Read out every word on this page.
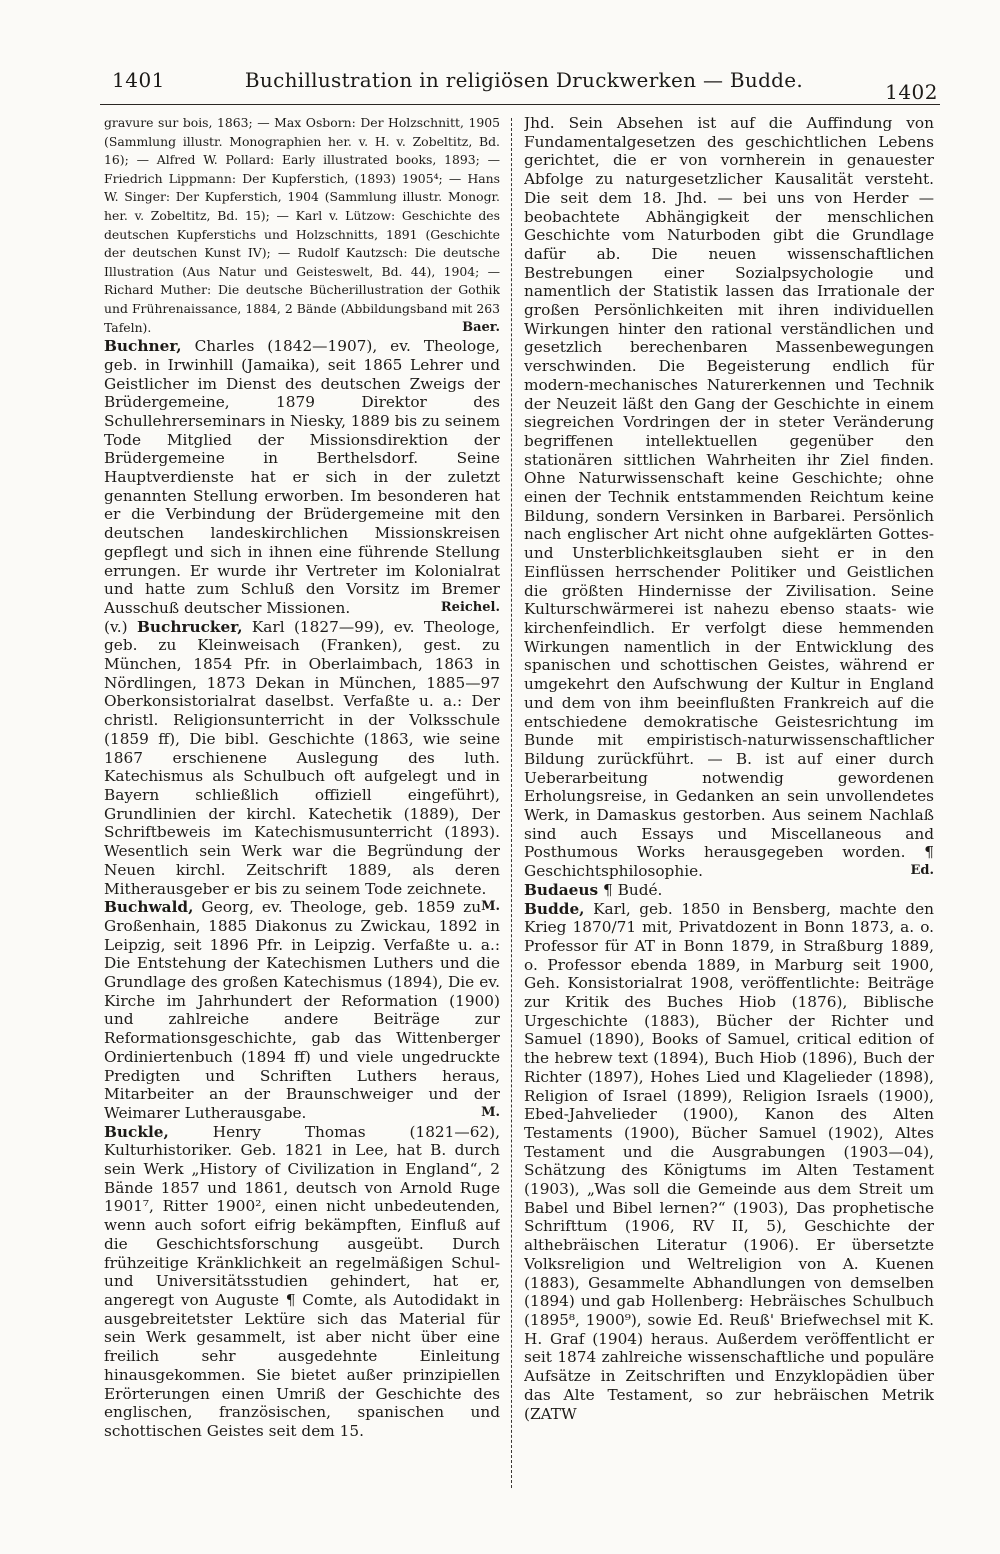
1401	Buchillustration in religiösen Druckwerken — Budde.	1402

gravure sur bois, 1863; — Max Osborn: Der Holzschnitt, 1905 (Sammlung illustr. Monographien her. v. H. v. Zobeltitz, Bd. 16); — Alfred W. Pollard: Early illustrated books, 1893; — Friedrich Lippmann: Der Kupferstich, (1893) 1905⁴; — Hans W. Singer: Der Kupferstich, 1904 (Sammlung illustr. Monogr. her. v. Zobeltitz, Bd. 15); — Karl v. Lützow: Geschichte des deutschen Kupferstichs und Holzschnitts, 1891 (Geschichte der deutschen Kunst IV); — Rudolf Kautzsch: Die deutsche Illustration (Aus Natur und Geisteswelt, Bd. 44), 1904; — Richard Muther: Die deutsche Bücherillustration der Gothik und Frührenaissance, 1884, 2 Bände (Abbildungsband mit 263 Tafeln).	Baer.

Buchner, Charles (1842—1907), ev. Theologe, geb. in Irwinhill (Jamaika), seit 1865 Lehrer und Geistlicher im Dienst des deutschen Zweigs der Brüdergemeine, 1879 Direktor des Schullehrerseminars in Niesky, 1889 bis zu seinem Tode Mitglied der Missionsdirektion der Brüdergemeine in Berthelsdorf. Seine Hauptverdienste hat er sich in der zuletzt genannten Stellung erworben. Im besonderen hat er die Verbindung der Brüdergemeine mit den deutschen landeskirchlichen Missionskreisen gepflegt und sich in ihnen eine führende Stellung errungen. Er wurde ihr Vertreter im Kolonialrat und hatte zum Schluß den Vorsitz im Bremer Ausschuß deutscher Missionen.	Reichel.

(v.) Buchrucker, Karl (1827—99), ev. Theologe, geb. zu Kleinweisach (Franken), gest. zu München, 1854 Pfr. in Oberlaimbach, 1863 in Nördlingen, 1873 Dekan in München, 1885—97 Oberkonsistorialrat daselbst. Verfaßte u. a.: Der christl. Religionsunterricht in der Volksschule (1859 ff), Die bibl. Geschichte (1863, wie seine 1867 erschienene Auslegung des luth. Katechismus als Schulbuch oft aufgelegt und in Bayern schließlich offiziell eingeführt), Grundlinien der kirchl. Katechetik (1889), Der Schriftbeweis im Katechismusunterricht (1893). Wesentlich sein Werk war die Begründung der Neuen kirchl. Zeitschrift 1889, als deren Mitherausgeber er bis zu seinem Tode zeichnete.
M.

Buchwald, Georg, ev. Theologe, geb. 1859 zu Großenhain, 1885 Diakonus zu Zwickau, 1892 in Leipzig, seit 1896 Pfr. in Leipzig. Verfaßte u. a.: Die Entstehung der Katechismen Luthers und die Grundlage des großen Katechismus (1894), Die ev. Kirche im Jahrhundert der Reformation (1900) und zahlreiche andere Beiträge zur Reformationsgeschichte, gab das Wittenberger Ordiniertenbuch (1894 ff) und viele ungedruckte Predigten und Schriften Luthers heraus, Mitarbeiter an der Braunschweiger und der Weimarer Lutherausgabe.	M.

Buckle,	Henry Thomas (1821—62), Kulturhistoriker. Geb. 1821 in Lee, hat B. durch sein Werk „History of Civilization in England“, 2 Bände 1857 und 1861, deutsch von Arnold Ruge 1901⁷, Ritter 1900², einen nicht unbedeutenden, wenn auch sofort eifrig bekämpften, Einfluß auf die Geschichtsforschung ausgeübt. Durch frühzeitige Kränklichkeit an regelmäßigen Schul- und Universitätsstudien gehindert, hat er, angeregt von Auguste ¶ Comte, als Autodidakt in ausgebreitetster Lektüre sich das Material für sein Werk gesammelt, ist aber nicht über eine freilich sehr ausgedehnte Einleitung hinausgekommen. Sie bietet außer prinzipiellen Erörterungen einen Umriß der Geschichte des englischen, französischen, spanischen und schottischen Geistes seit dem 15.

Jhd. Sein Absehen ist auf die Auffindung von Fundamentalgesetzen des geschichtlichen Lebens gerichtet, die er von vornherein in genauester Abfolge zu naturgesetzlicher Kausalität versteht. Die seit dem 18. Jhd. — bei uns von Herder — beobachtete Abhängigkeit der menschlichen Geschichte vom Naturboden gibt die Grundlage dafür ab. Die neuen wissenschaftlichen Bestrebungen einer Sozialpsychologie und namentlich der Statistik lassen das Irrationale der großen Persönlichkeiten mit ihren individuellen Wirkungen hinter den rational verständlichen und gesetzlich berechenbaren Massenbewegungen verschwinden. Die Begeisterung endlich für modern-mechanisches Naturerkennen und Technik der Neuzeit läßt den Gang der Geschichte in einem siegreichen Vordringen der in steter Veränderung begriffenen intellektuellen gegenüber den stationären sittlichen Wahrheiten ihr Ziel finden. Ohne Naturwissenschaft keine Geschichte; ohne einen der Technik entstammenden Reichtum keine Bildung, sondern Versinken in Barbarei. Persönlich nach englischer Art nicht ohne aufgeklärten Gottes- und Unsterblichkeitsglauben sieht er in den Einflüssen herrschender Politiker und Geistlichen die größten Hindernisse der Zivilisation. Seine Kulturschwärmerei ist nahezu ebenso staats- wie kirchenfeindlich. Er verfolgt diese hemmenden Wirkungen namentlich in der Entwicklung des spanischen und schottischen Geistes, während er umgekehrt den Aufschwung der Kultur in England und dem von ihm beeinflußten Frankreich auf die entschiedene demokratische Geistesrichtung im Bunde mit empiristisch-naturwissenschaftlicher Bildung zurückführt. — B. ist auf einer durch Ueberarbeitung notwendig gewordenen Erholungsreise, in Gedanken an sein unvollendetes Werk, in Damaskus gestorben. Aus seinem Nachlaß sind auch Essays und Miscellaneous and Posthumous Works herausgegeben worden. ¶ Geschichtsphilosophie.	Ed.

Budaeus ¶ Budé.

Budde, Karl, geb. 1850 in Bensberg, machte den Krieg 1870/71 mit, Privatdozent in Bonn 1873, a. o. Professor für AT in Bonn 1879, in Straßburg 1889, o. Professor ebenda 1889, in Marburg seit 1900, Geh. Konsistorialrat 1908, veröffentlichte: Beiträge zur Kritik des Buches Hiob (1876), Biblische Urgeschichte (1883), Bücher der Richter und Samuel (1890), Books of Samuel, critical edition of the hebrew text (1894), Buch Hiob (1896), Buch der Richter (1897), Hohes Lied und Klagelieder (1898), Religion of Israel (1899), Religion Israels (1900), Ebed-Jahvelieder (1900), Kanon des Alten Testaments (1900), Bücher Samuel (1902), Altes Testament und die Ausgrabungen (1903—04), Schätzung des Königtums im Alten Testament (1903), „Was soll die Gemeinde aus dem Streit um Babel und Bibel lernen?“ (1903), Das prophetische Schrifttum (1906, RV II, 5), Geschichte der althebräischen Literatur (1906). Er übersetzte Volksreligion und Weltreligion von A. Kuenen (1883), Gesammelte Abhandlungen von demselben (1894) und gab Hollenberg: Hebräisches Schulbuch (1895⁸, 1900⁹), sowie Ed. Reuß' Briefwechsel mit K. H. Graf (1904) heraus. Außerdem veröffentlicht er seit 1874 zahlreiche wissenschaftliche und populäre Aufsätze in Zeitschriften und Enzyklopädien über das Alte Testament, so zur hebräischen Metrik (ZATW
